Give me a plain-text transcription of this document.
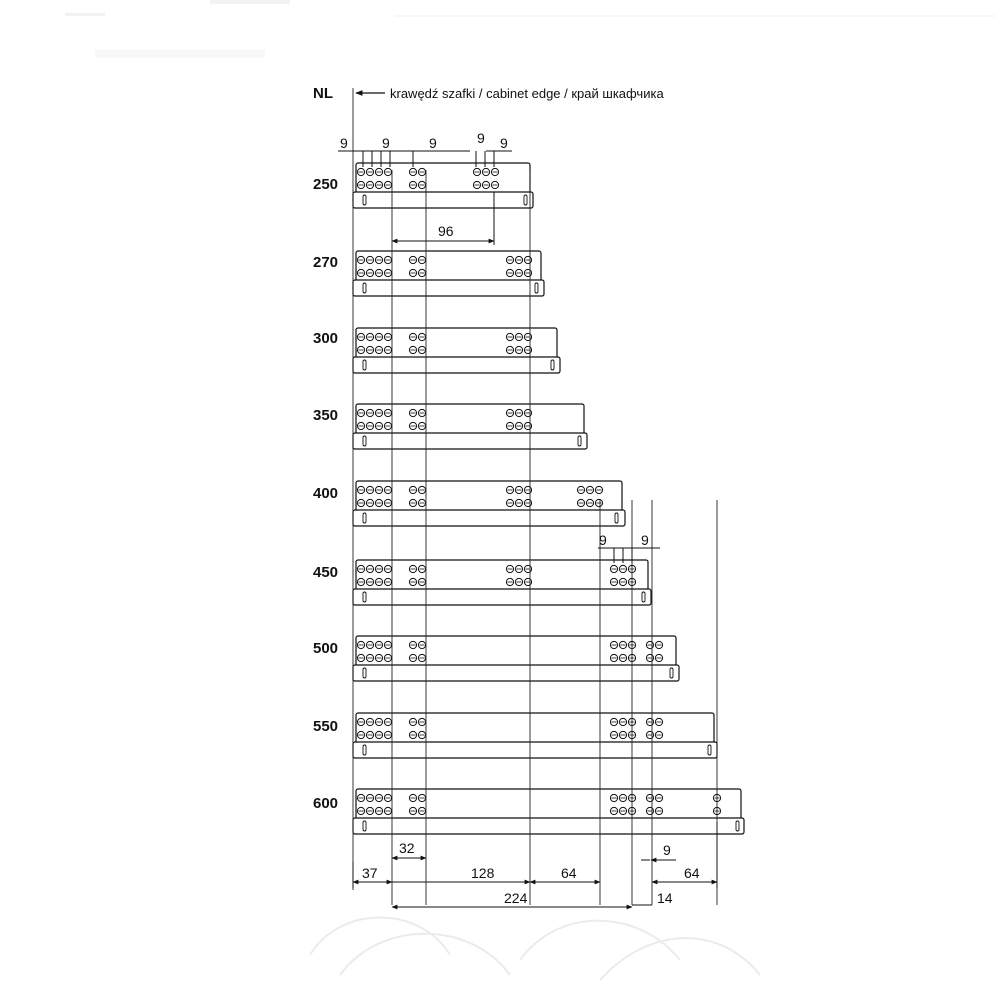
NL	krawędź szafki / cabinet edge / край шкафчика
250
270
300
350
400
450
500
550
600
9 9	9	9 9
96
9 9
32	9
37	128	64	64
224	14
